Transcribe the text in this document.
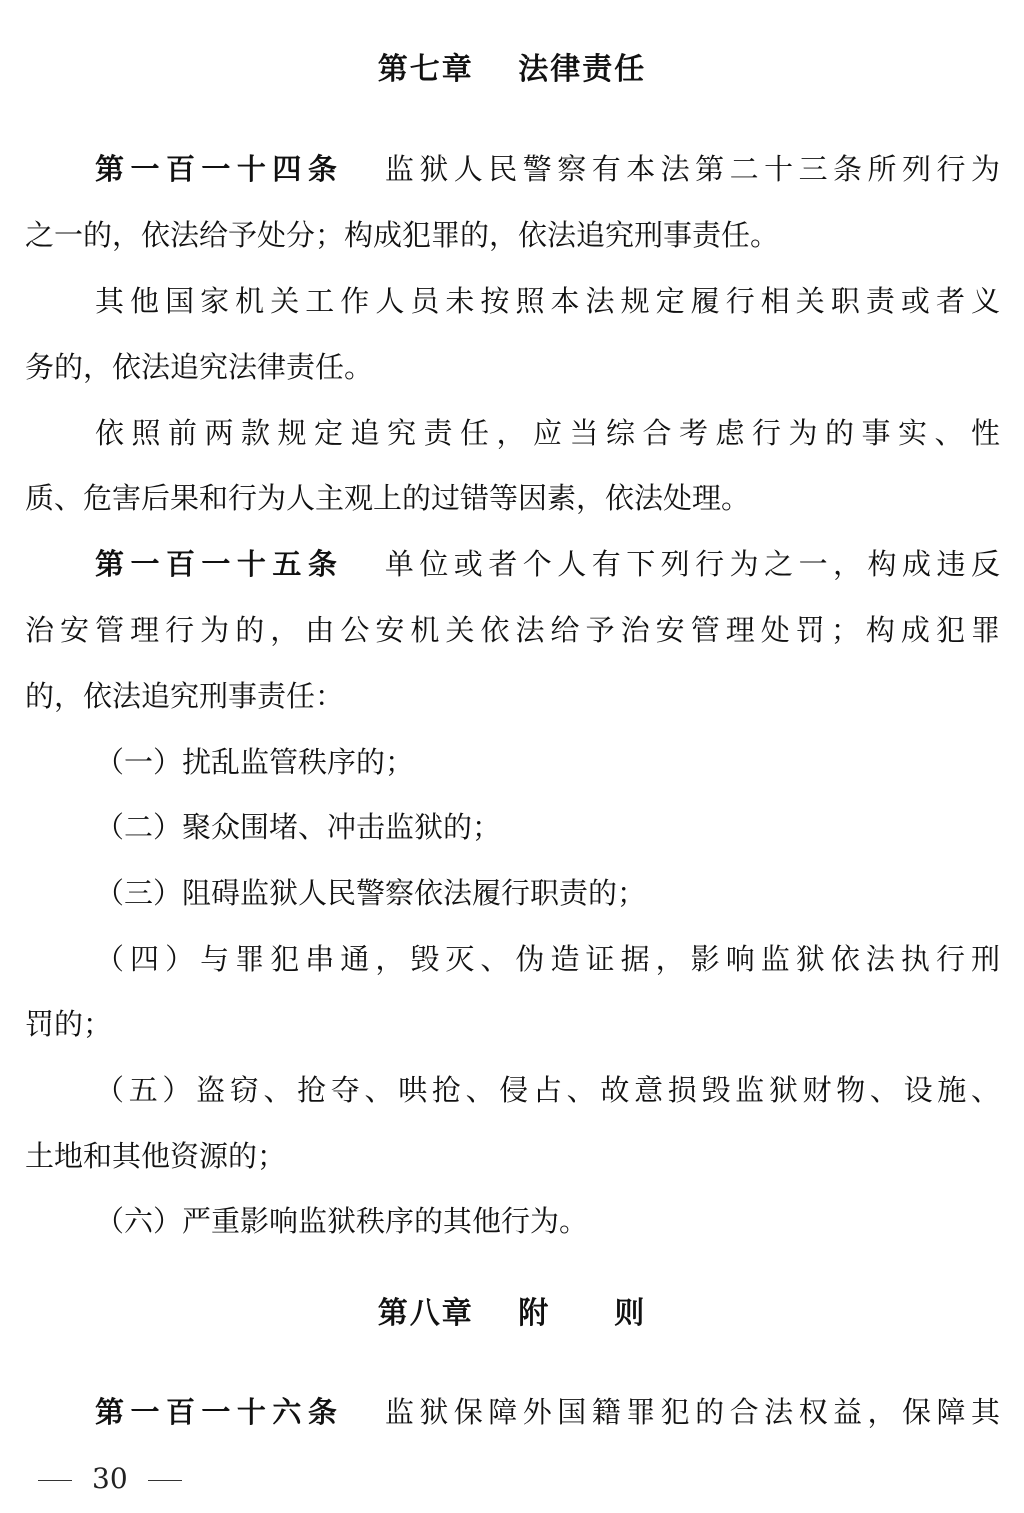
第七章　 法律责任
第一百一十四条 监狱人民警察有本法第二十三条所列行为
之一的，依法给予处分；构成犯罪的，依法追究刑事责任。
其他国家机关工作人员未按照本法规定履行相关职责或者义
务的，依法追究法律责任。
依照前两款规定追究责任，应当综合考虑行为的事实、性
质、危害后果和行为人主观上的过错等因素，依法处理。
第一百一十五条 单位或者个人有下列行为之一，构成违反
治安管理行为的，由公安机关依法给予治安管理处罚；构成犯罪
的，依法追究刑事责任：
（一）扰乱监管秩序的；
（二）聚众围堵、冲击监狱的；
（三）阻碍监狱人民警察依法履行职责的；
（四）与罪犯串通，毁灭、伪造证据，影响监狱依法执行刑
罚的；
（五）盗窃、抢夺、哄抢、侵占、故意损毁监狱财物、设施、
土地和其他资源的；
（六）严重影响监狱秩序的其他行为。
第八章　 附　　则
第一百一十六条 监狱保障外国籍罪犯的合法权益，保障其
30
